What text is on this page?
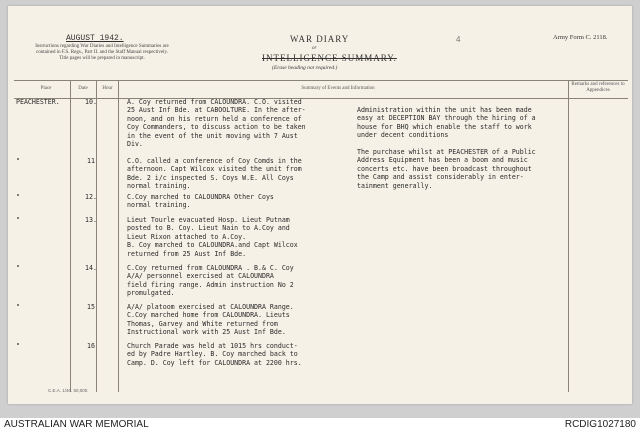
AUGUST 1942.
Instructions regarding War Diaries and Intelligence Summaries are contained in F.S. Regs., Part II. and the Staff Manual respectively. Title pages will be prepared in manuscript.
WAR DIARY
or
INTELLIGENCE SUMMARY.
(Erase heading not required.)
Army Form C. 2118.
4
Place	Date	Hour	Summary of Events and Information
Remarks and references to Appendices
PEACHESTER.	10.	A. Coy returned from CALOUNDRA. C.O. visited
25 Aust Inf Bde. at CABOOLTURE. In the after-
noon, and on his return held a conference of
Coy Commanders, to discuss action to be taken
in the event of the unit moving with 7 Aust
Div.
"	11	C.O. called a conference of Coy Comds in the
afternoon. Capt Wilcox visited the unit from
Bde. 2 i/c inspected S. Coys W.E. All Coys
normal training.
"	12.	C.Coy marched to CALOUNDRA Other Coys
normal training.
"	13.	Lieut Tourle evacuated Hosp. Lieut Putnam
posted to B. Coy. Lieut Nain to A.Coy and
Lieut Rixon attached to A.Coy.
B. Coy marched to CALOUNDRA.and Capt Wilcox
returned from 25 Aust Inf Bde.
"	14.	C.Coy returned from CALOUNDRA . B.& C. Coy
A/A/ personnel exercised at CALOUNDRA
field firing range. Admin instruction No 2
promulgated.
"	15	A/A/ platoom exercised at CALOUNDRA Range.
C.Coy marched home from CALOUNDRA. Lieuts
Thomas, Garvey and White returned from
Instructional work with 25 Aust Inf Bde.
"	16	Church Parade was held at 1015 hrs conduct-
ed by Padre Hartley. B. Coy marched back to
Camp. D. Coy left for CALOUNDRA at 2200 hrs.
Administration within the unit has been made
easy at DECEPTION BAY through the hiring of a
house for BHQ which enable the staff to work
under decent conditions
The purchase whilst at PEACHESTER of a Public
Address Equipment has been a boom and music
concerts etc. have been broadcast throughout
the Camp and assist considerably in enter-
tainment generally.
C.E.A. 1/40. 50,000.
AUSTRALIAN WAR MEMORIAL	RCDIG1027180
